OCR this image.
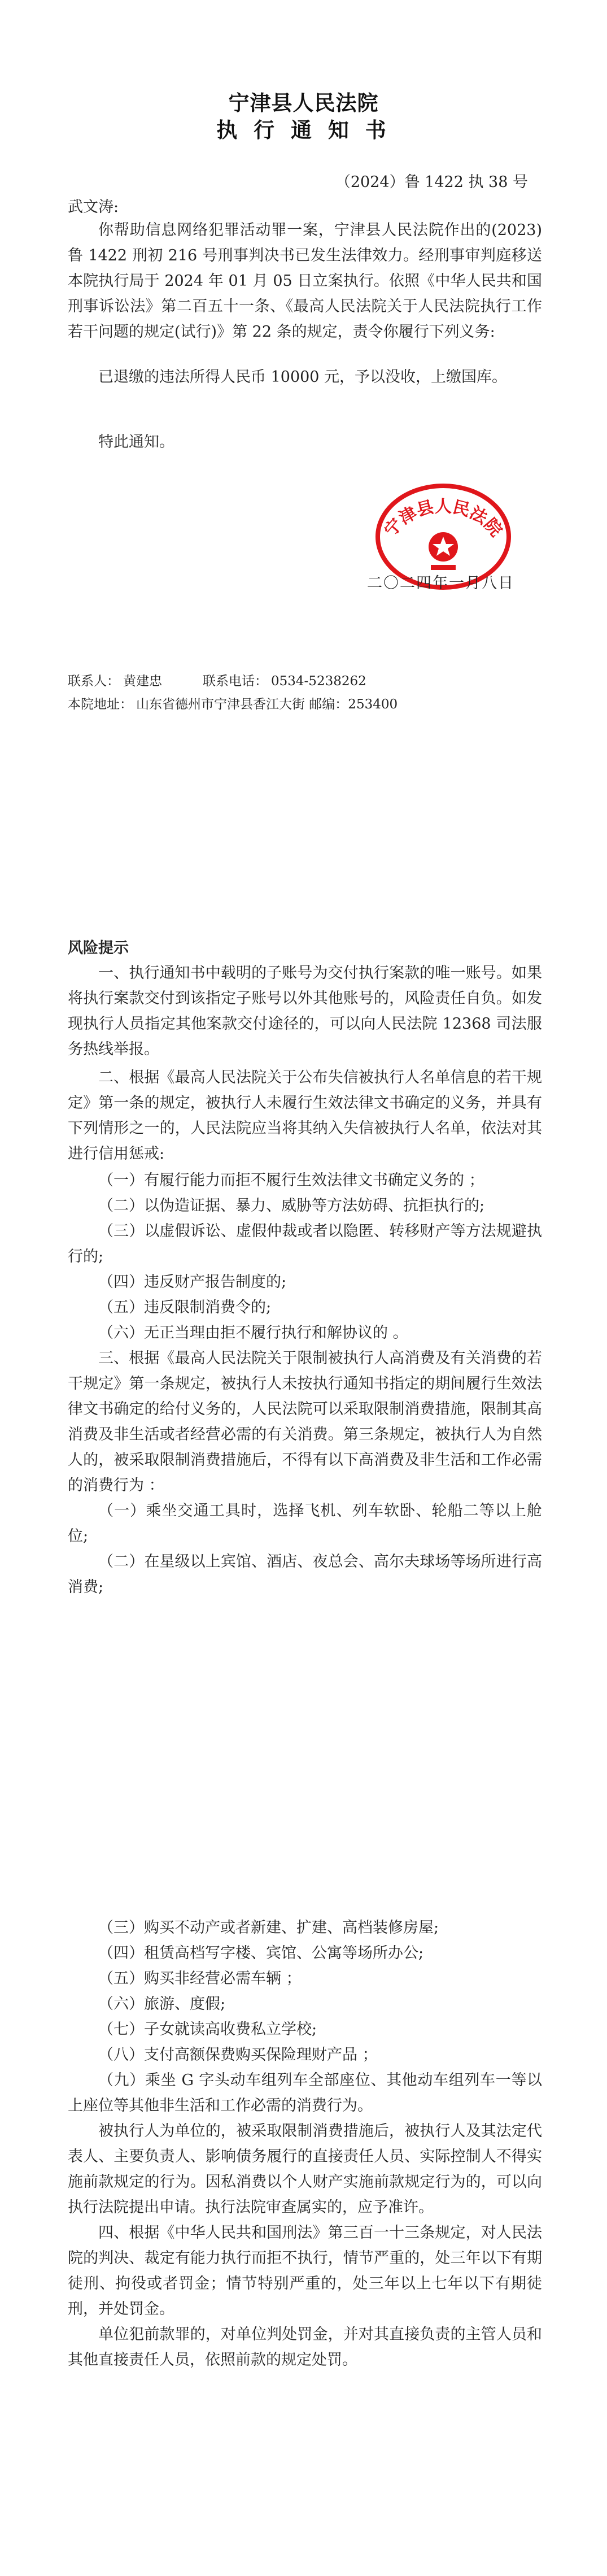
宁津县人民法院
执 行 通 知 书
（2024）鲁 1422 执 38 号
武文涛:

你帮助信息网络犯罪活动罪一案，宁津县人民法院作出的(2023)鲁 1422 刑初 216 号刑事判决书已发生法律效力。经刑事审判庭移送本院执行局于 2024 年 01 月 05 日立案执行。依照《中华人民共和国刑事诉讼法》第二百五十一条、《最高人民法院关于人民法院执行工作若干问题的规定(试行)》第 22 条的规定，责令你履行下列义务:

已退缴的违法所得人民币 10000 元，予以没收，上缴国库。

特此通知。

宁津县人民法院
二〇二四年一月八日
联系人： 黄建忠	联系电话： 0534-5238262
本院地址： 山东省德州市宁津县香江大街 邮编：253400
风险提示

一、执行通知书中载明的子账号为交付执行案款的唯一账号。如果将执行案款交付到该指定子账号以外其他账号的，风险责任自负。如发现执行人员指定其他案款交付途径的，可以向人民法院 12368 司法服务热线举报。

二、根据《最高人民法院关于公布失信被执行人名单信息的若干规定》第一条的规定，被执行人未履行生效法律文书确定的义务，并具有下列情形之一的，人民法院应当将其纳入失信被执行人名单，依法对其进行信用惩戒:

（一）有履行能力而拒不履行生效法律文书确定义务的 ；

（二）以伪造证据、暴力、威胁等方法妨碍、抗拒执行的;

（三）以虚假诉讼、虚假仲裁或者以隐匿、转移财产等方法规避执行的;

（四）违反财产报告制度的;

（五）违反限制消费令的;

（六）无正当理由拒不履行执行和解协议的 。

三、根据《最高人民法院关于限制被执行人高消费及有关消费的若干规定》第一条规定，被执行人未按执行通知书指定的期间履行生效法律文书确定的给付义务的，人民法院可以采取限制消费措施，限制其高消费及非生活或者经营必需的有关消费。第三条规定，被执行人为自然人的，被采取限制消费措施后，不得有以下高消费及非生活和工作必需的消费行为 ：

（一）乘坐交通工具时，选择飞机、列车软卧、轮船二等以上舱位;

（二）在星级以上宾馆、酒店、夜总会、高尔夫球场等场所进行高消费;

（三）购买不动产或者新建、扩建、高档装修房屋;

（四）租赁高档写字楼、宾馆、公寓等场所办公;

（五）购买非经营必需车辆 ；

（六）旅游、度假;

（七）子女就读高收费私立学校;

（八）支付高额保费购买保险理财产品 ；

（九）乘坐 G 字头动车组列车全部座位、其他动车组列车一等以上座位等其他非生活和工作必需的消费行为。

被执行人为单位的，被采取限制消费措施后，被执行人及其法定代表人、主要负责人、影响债务履行的直接责任人员、实际控制人不得实施前款规定的行为。因私消费以个人财产实施前款规定行为的，可以向执行法院提出申请。执行法院审查属实的，应予准许。

四、根据《中华人民共和国刑法》第三百一十三条规定，对人民法院的判决、裁定有能力执行而拒不执行，情节严重的，处三年以下有期徒刑、拘役或者罚金；情节特别严重的，处三年以上七年以下有期徒刑，并处罚金。

单位犯前款罪的，对单位判处罚金，并对其直接负责的主管人员和其他直接责任人员，依照前款的规定处罚。
